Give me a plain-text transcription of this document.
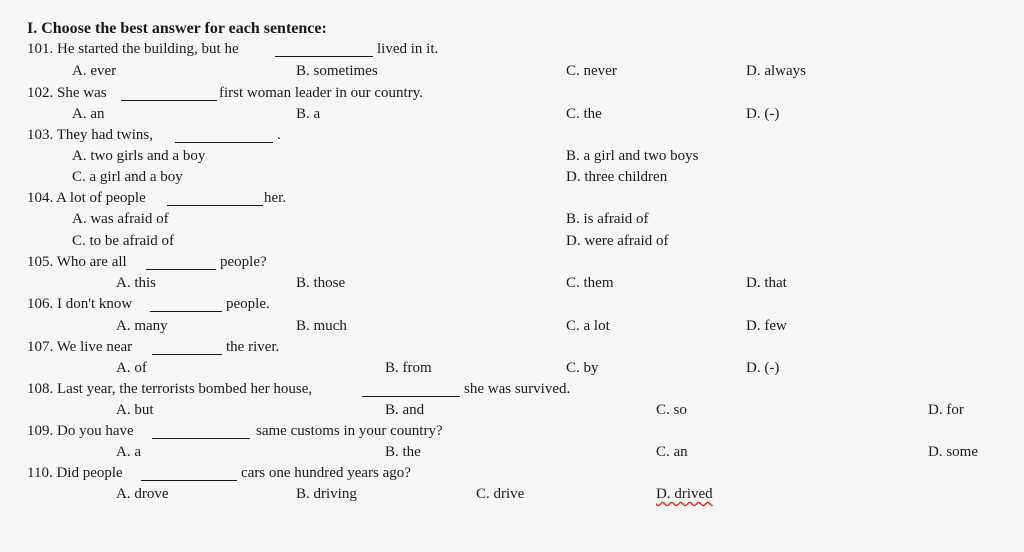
I. Choose the best answer for each sentence:
101. He started the building, but he	lived in it.
A. ever	B. sometimes	C. never	D. always
102. She was	first woman leader in our country.
A. an	B. a	C. the	D. (-)
103. They had twins,	.
A. two girls and a boy	B. a girl and two boys
C. a girl and a boy	D. three children
104. A lot of people	her.
A. was afraid of	B. is afraid of
C. to be afraid of	D. were afraid of
105. Who are all	people?
A. this	B. those	C. them	D. that
106. I don't know	people.
A. many	B. much	C. a lot	D. few
107. We live near	the river.
A. of	B. from	C. by	D. (-)
108. Last year, the terrorists bombed her house,	she was survived.
A. but	B. and	C. so	D. for
109. Do you have	same customs in your country?
A. a	B. the	C. an	D. some
110. Did people	cars one hundred years ago?
A. drove	B. driving	C. drive	D. drived
